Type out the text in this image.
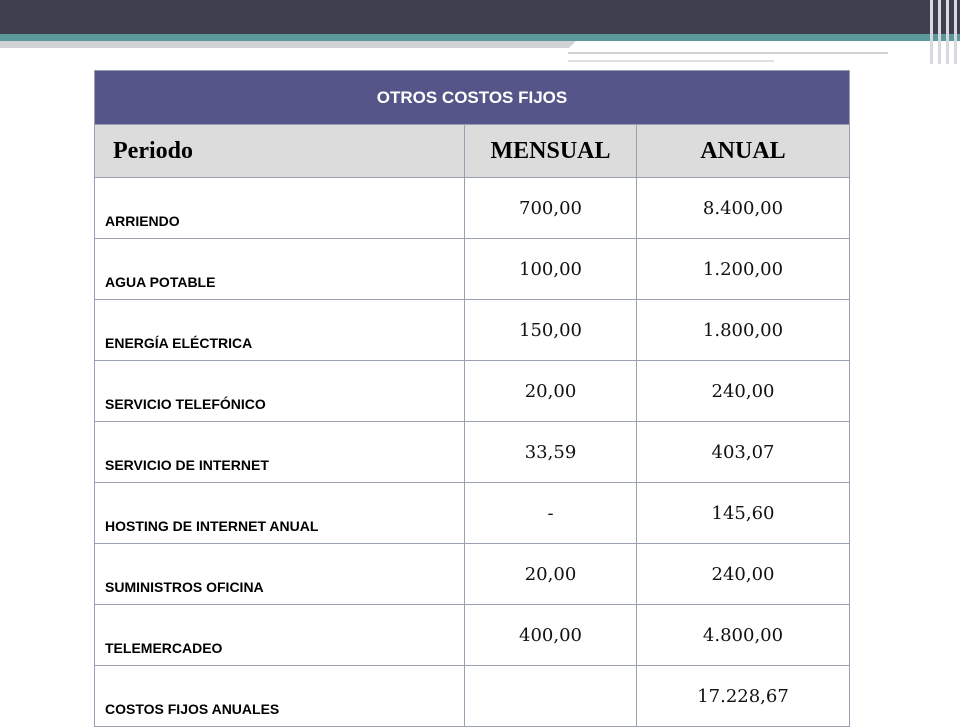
OTROS COSTOS FIJOS		
Periodo	MENSUAL	ANUAL
ARRIENDO	700,00	8.400,00
AGUA POTABLE	100,00	1.200,00
ENERGÍA ELÉCTRICA	150,00	1.800,00
SERVICIO TELEFÓNICO	20,00	240,00
SERVICIO DE INTERNET	33,59	403,07
HOSTING DE INTERNET ANUAL	-	145,60
SUMINISTROS OFICINA	20,00	240,00
TELEMERCADEO	400,00	4.800,00
COSTOS FIJOS ANUALES		17.228,67
